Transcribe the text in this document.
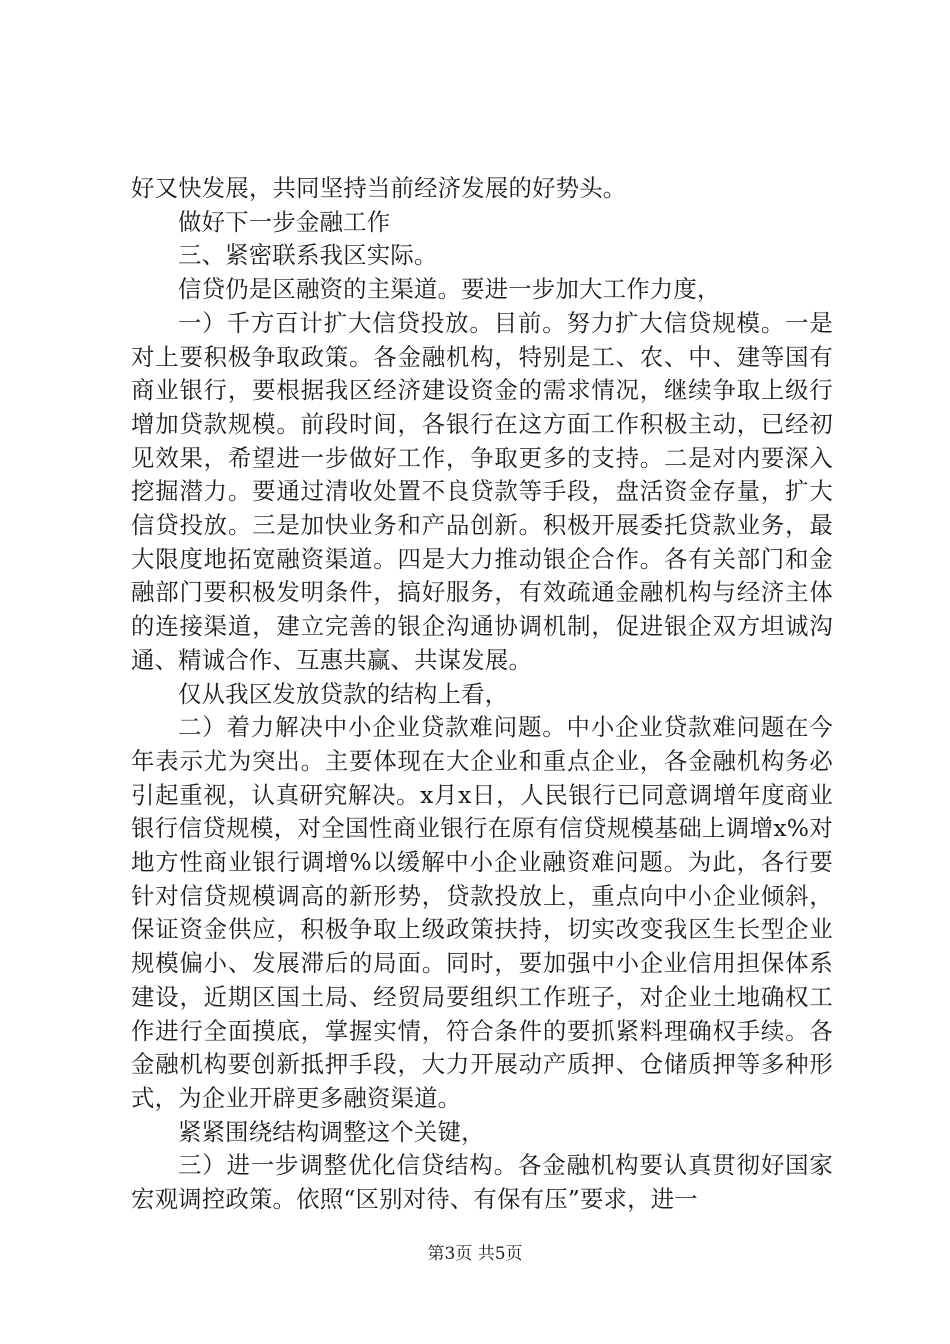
好又快发展，共同坚持当前经济发展的好势头。

做好下一步金融工作

三、紧密联系我区实际。

信贷仍是区融资的主渠道。要进一步加大工作力度，

一）千方百计扩大信贷投放。目前。努力扩大信贷规模。一是对上要积极争取政策。各金融机构，特别是工、农、中、建等国有商业银行，要根据我区经济建设资金的需求情况，继续争取上级行增加贷款规模。前段时间，各银行在这方面工作积极主动，已经初见效果，希望进一步做好工作，争取更多的支持。二是对内要深入挖掘潜力。要通过清收处置不良贷款等手段，盘活资金存量，扩大信贷投放。三是加快业务和产品创新。积极开展委托贷款业务，最大限度地拓宽融资渠道。四是大力推动银企合作。各有关部门和金融部门要积极发明条件，搞好服务，有效疏通金融机构与经济主体的连接渠道，建立完善的银企沟通协调机制，促进银企双方坦诚沟通、精诚合作、互惠共赢、共谋发展。

仅从我区发放贷款的结构上看，

二）着力解决中小企业贷款难问题。中小企业贷款难问题在今年表示尤为突出。主要体现在大企业和重点企业，各金融机构务必引起重视，认真研究解决。x月x日，人民银行已同意调增年度商业银行信贷规模，对全国性商业银行在原有信贷规模基础上调增x%对地方性商业银行调增%以缓解中小企业融资难问题。为此，各行要针对信贷规模调高的新形势，贷款投放上，重点向中小企业倾斜，保证资金供应，积极争取上级政策扶持，切实改变我区生长型企业规模偏小、发展滞后的局面。同时，要加强中小企业信用担保体系建设，近期区国土局、经贸局要组织工作班子，对企业土地确权工作进行全面摸底，掌握实情，符合条件的要抓紧料理确权手续。各金融机构要创新抵押手段，大力开展动产质押、仓储质押等多种形式，为企业开辟更多融资渠道。

紧紧围绕结构调整这个关键，

三）进一步调整优化信贷结构。各金融机构要认真贯彻好国家宏观调控政策。依照“区别对待、有保有压”要求，进一

第3页 共5页
